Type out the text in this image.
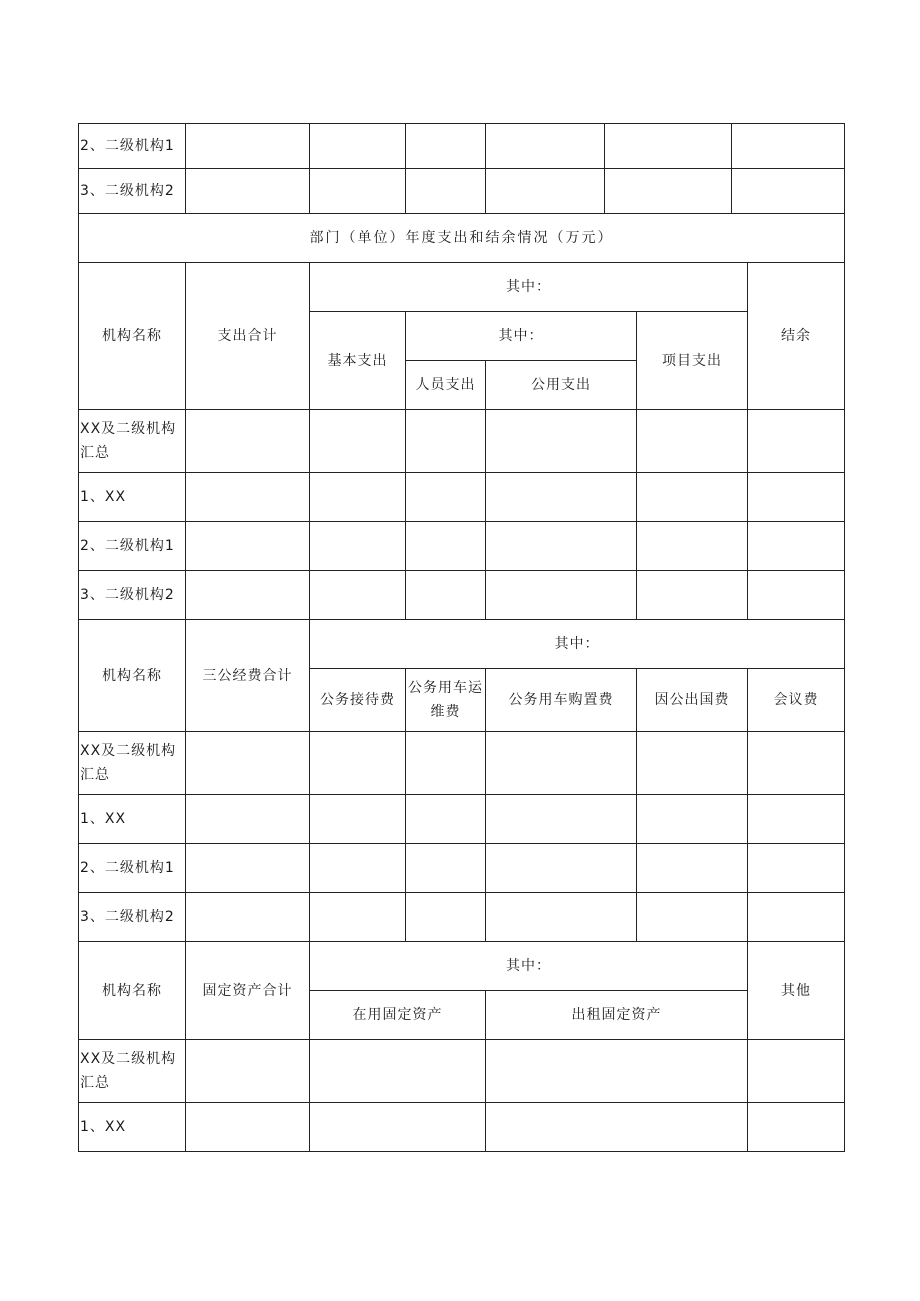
2、二级机构1								
3、二级机构2								
部门（单位）年度支出和结余情况（万元）								
机构名称	支出合计	其中：						结余
		基本支出	其中：			项目支出		
			人员支出	公用支出				
XX及二级机构汇总								
1、XX								
2、二级机构1								
3、二级机构2								
机构名称	三公经费合计	其中：						
		公务接待费	公务用车运维费	公务用车购置费		因公出国费		会议费
XX及二级机构汇总								
1、XX								
2、二级机构1								
3、二级机构2								
机构名称	固定资产合计	其中：						其他
		在用固定资产		出租固定资产				
XX及二级机构汇总								
1、XX								
